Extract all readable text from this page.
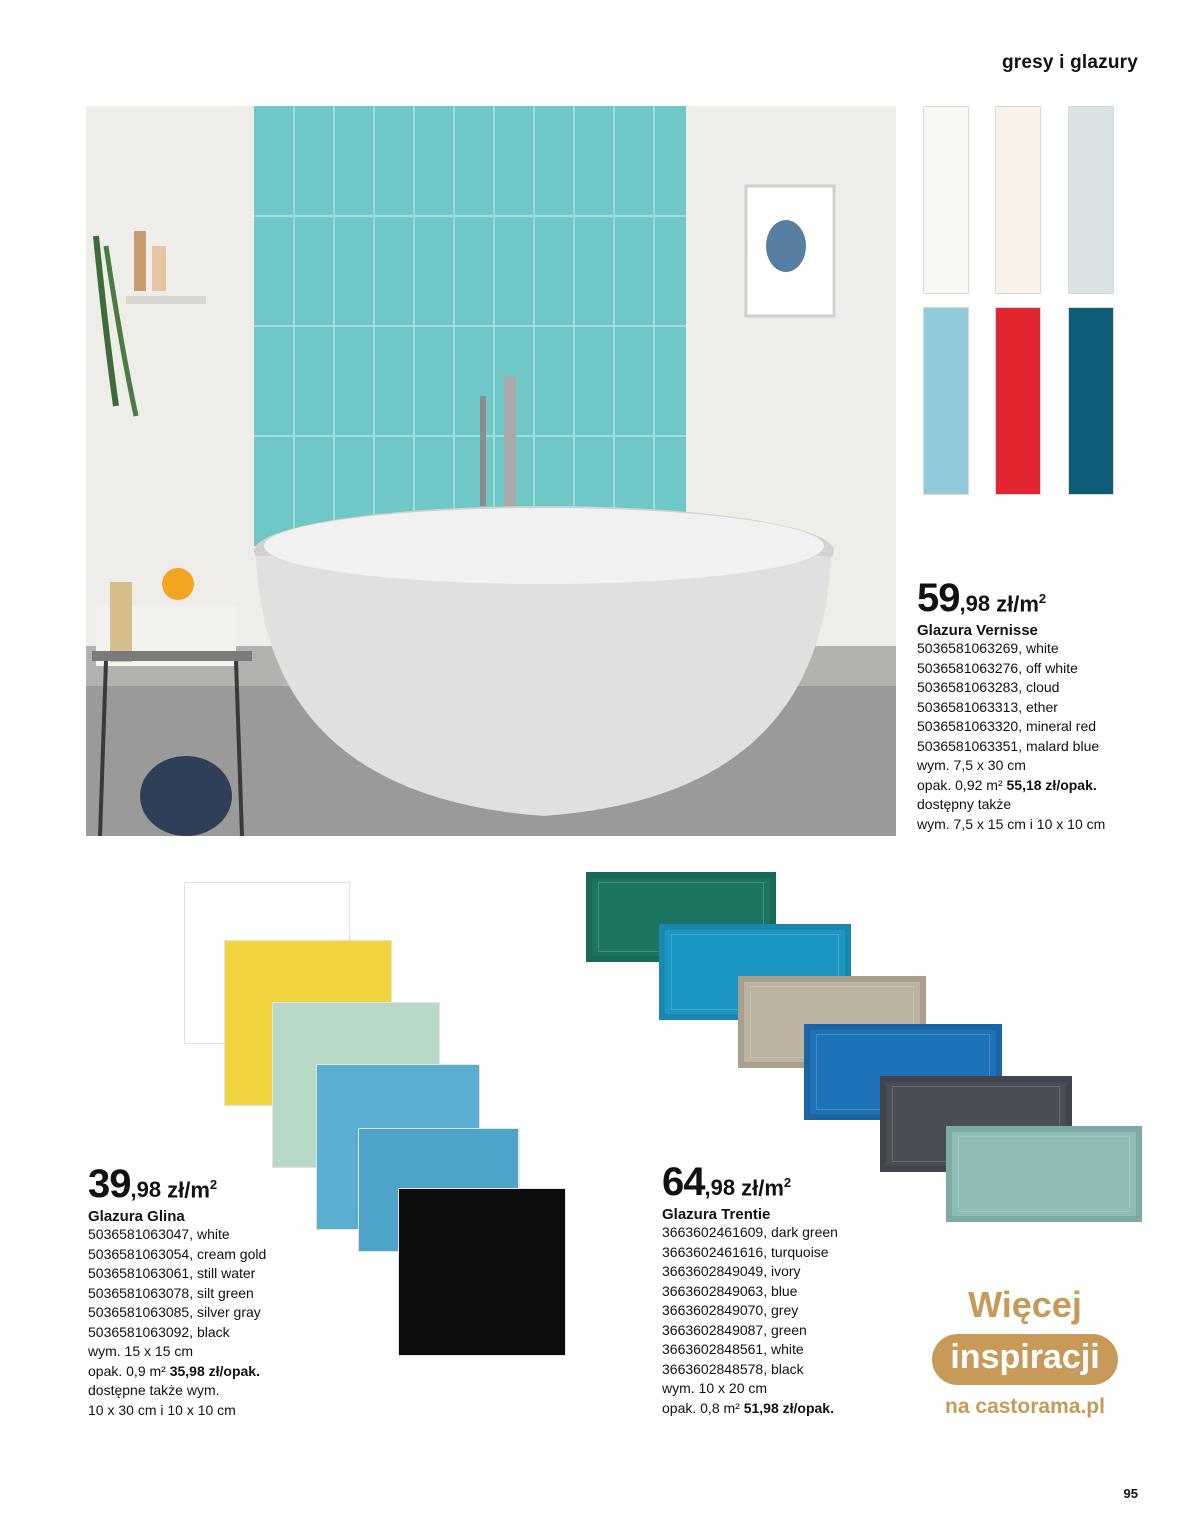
gresy i glazury
59 ,98 $zł/m^2$
Glazura Vernisse
5036581063269, white
5036581063276, off white
5036581063283, cloud
5036581063313, ether
5036581063320, mineral red
5036581063351, malard blue
wym. 7,5 x 30 cm
opak. 0,92 m² 55,18 zł/opak.
dostępny także
wym. 7,5 x 15 cm i 10 x 10 cm
39 ,98 $zł/m^2$
Glazura Glina
5036581063047, white
5036581063054, cream gold
5036581063061, still water
5036581063078, silt green
5036581063085, silver gray
5036581063092, black
wym. 15 x 15 cm
opak. 0,9 m² 35,98 zł/opak.
dostępne także wym.
10 x 30 cm i 10 x 10 cm
64 ,98 $zł/m^2$
Glazura Trentie
3663602461609, dark green
3663602461616, turquoise
3663602849049, ivory
3663602849063, blue
3663602849070, grey
3663602849087, green
3663602848561, white
3663602848578, black
wym. 10 x 20 cm
opak. 0,8 m² 51,98 zł/opak.
Więcej
inspiracji
na castorama.pl
95
